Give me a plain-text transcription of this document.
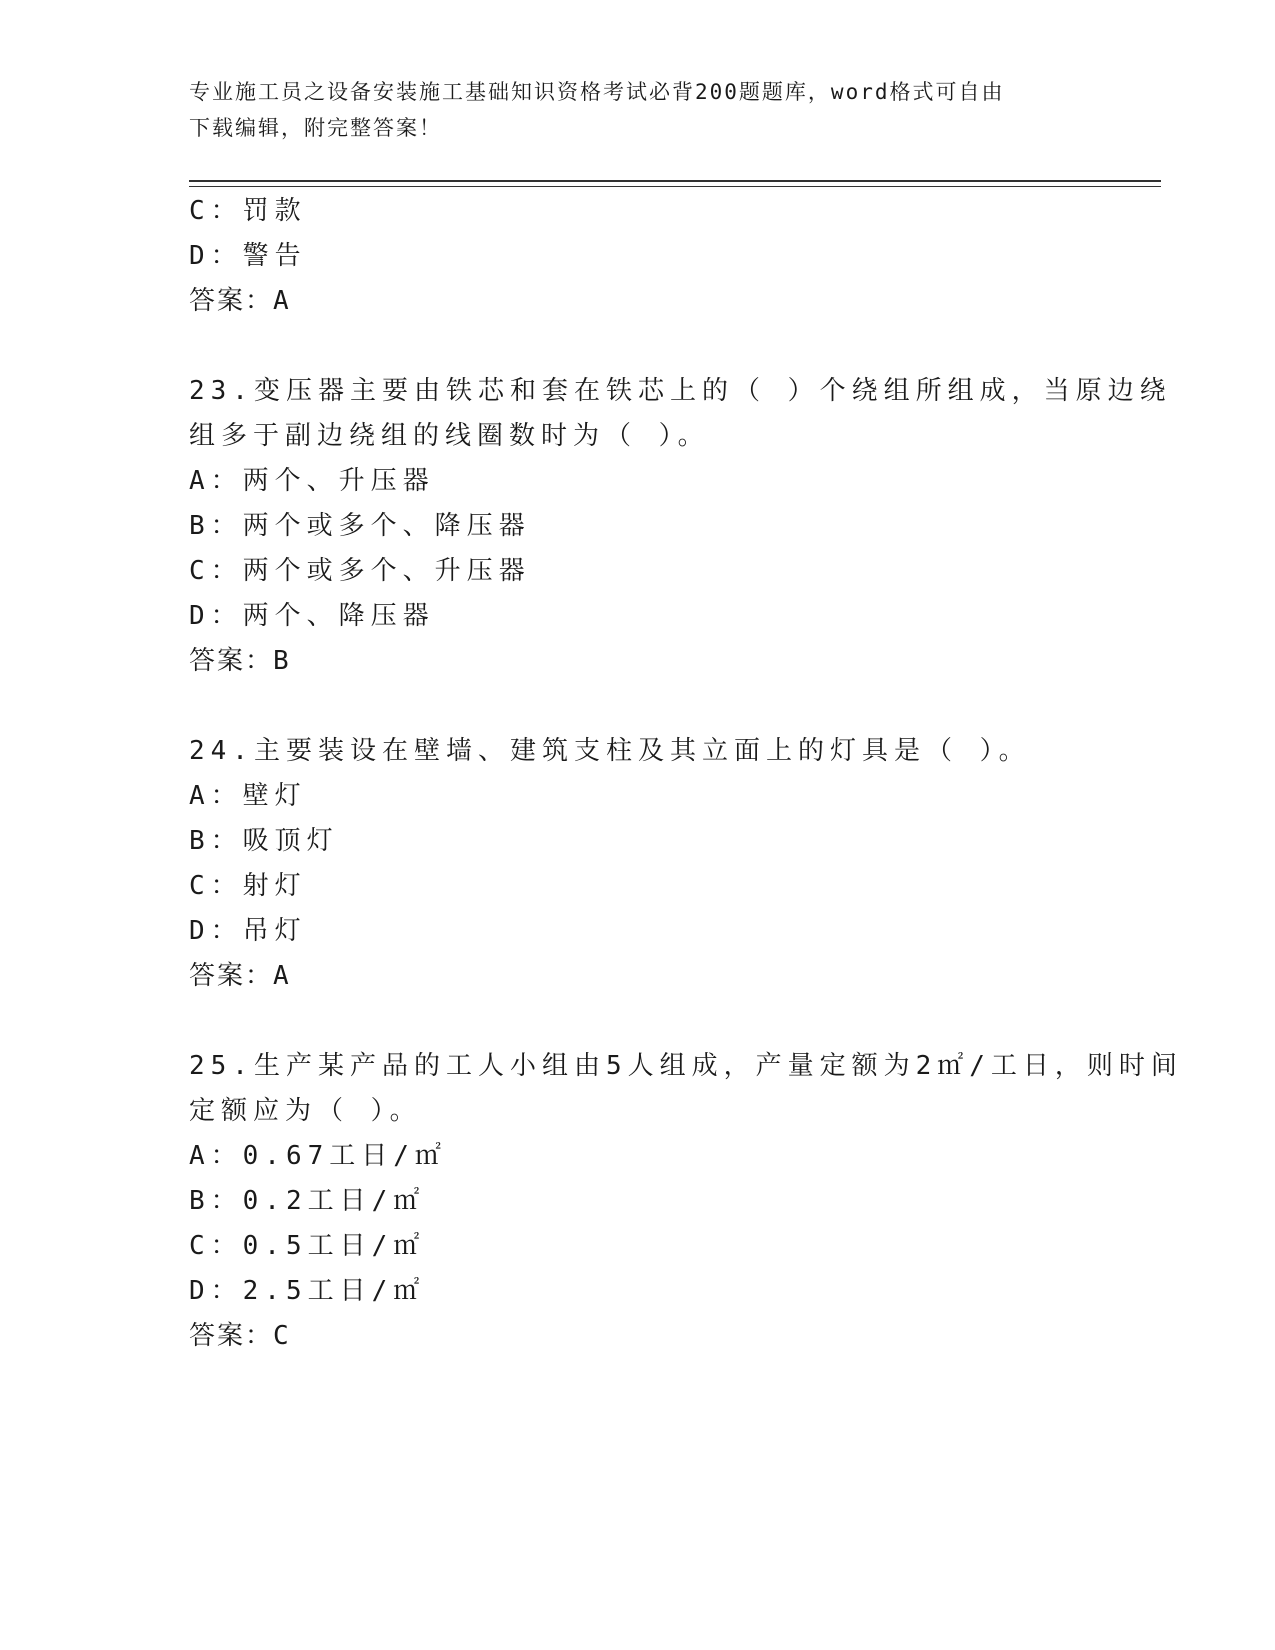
专业施工员之设备安装施工基础知识资格考试必背200题题库，word格式可自由
下载编辑，附完整答案！
C：罚款
D：警告
答案：A
23.变压器主要由铁芯和套在铁芯上的（ ）个绕组所组成，当原边绕
组多于副边绕组的线圈数时为（ ）。
A：两个、升压器
B：两个或多个、降压器
C：两个或多个、升压器
D：两个、降压器
答案：B
24.主要装设在壁墙、建筑支柱及其立面上的灯具是（ ）。
A：壁灯
B：吸顶灯
C：射灯
D：吊灯
答案：A
25.生产某产品的工人小组由5人组成，产量定额为2㎡/工日，则时间
定额应为（ ）。
A：0.67工日/㎡
B：0.2工日/㎡
C：0.5工日/㎡
D：2.5工日/㎡
答案：C
